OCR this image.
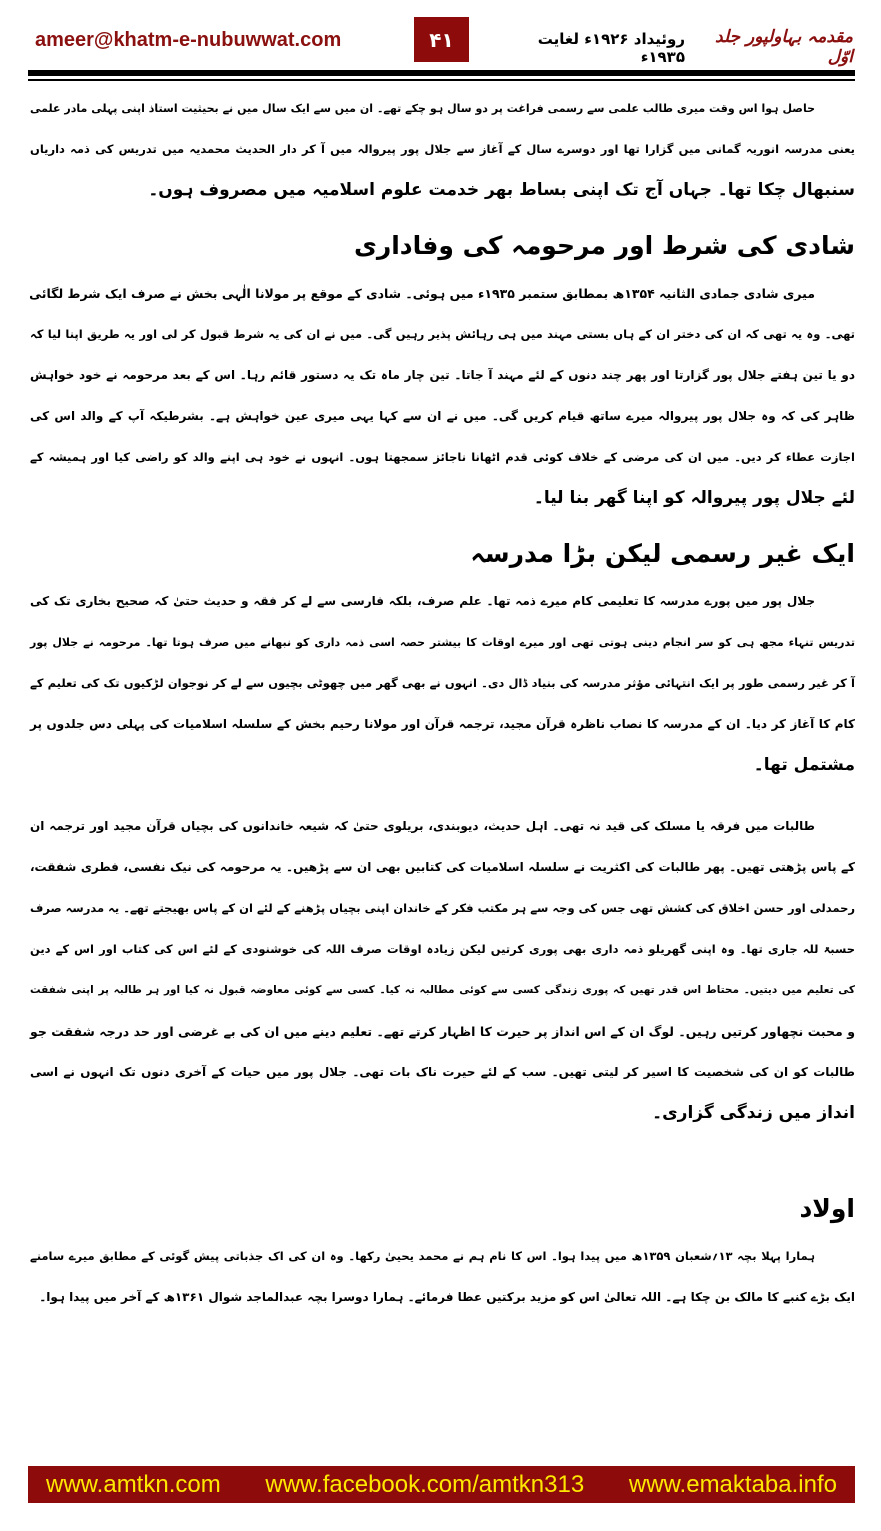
ameer@khatm-e-nubuwwat.com	۴۱	روئیداد ۱۹۲۶ء لغایت ۱۹۳۵ء
مقدمہ بہاولپور جلد اوّل
حاصل ہوا اس وقت میری طالب علمی سے رسمی فراغت پر دو سال ہو چکے تھے۔ ان میں سے ایک سال میں نے بحیثیت استاذ اپنی پہلی مادر علمی
یعنی مدرسہ انوریہ گمانی میں گزارا تھا اور دوسرے سال کے آغاز سے جلال پور پیروالہ میں آ کر دار الحدیث محمدیہ میں تدریس کی ذمہ داریاں
سنبھال چکا تھا۔ جہاں آج تک اپنی بساط بھر خدمت علوم اسلامیہ میں مصروف ہوں۔
شادی کی شرط اور مرحومہ کی وفاداری
میری شادی جمادی الثانیہ ۱۳۵۴ھ بمطابق ستمبر ۱۹۳۵ء میں ہوئی۔ شادی کے موقع پر مولانا الٰہی بخش نے صرف ایک شرط لگائی
تھی۔ وہ یہ تھی کہ ان کی دختر ان کے ہاں بستی مہند میں ہی رہائش پذیر رہیں گی۔ میں نے ان کی یہ شرط قبول کر لی اور یہ طریق اپنا لیا کہ
دو یا تین ہفتے جلال پور گزارتا اور پھر چند دنوں کے لئے مہند آ جاتا۔ تین چار ماہ تک یہ دستور قائم رہا۔ اس کے بعد مرحومہ نے خود خواہش
ظاہر کی کہ وہ جلال پور پیروالہ میرے ساتھ قیام کریں گی۔ میں نے ان سے کہا یہی میری عین خواہش ہے۔ بشرطیکہ آپ کے والد اس کی
اجازت عطاء کر دیں۔ میں ان کی مرضی کے خلاف کوئی قدم اٹھانا ناجائز سمجھتا ہوں۔ انہوں نے خود ہی اپنے والد کو راضی کیا اور ہمیشہ کے
لئے جلال پور پیروالہ کو اپنا گھر بنا لیا۔
ایک غیر رسمی لیکن بڑا مدرسہ
جلال پور میں پورے مدرسہ کا تعلیمی کام میرے ذمہ تھا۔ علم صرف، بلکہ فارسی سے لے کر فقہ و حدیث حتیٰ کہ صحیح بخاری تک کی
تدریس تنہاء مجھ ہی کو سر انجام دینی ہوتی تھی اور میرے اوقات کا بیشتر حصہ اسی ذمہ داری کو نبھانے میں صرف ہوتا تھا۔ مرحومہ نے جلال پور
آ کر غیر رسمی طور پر ایک انتہائی مؤثر مدرسہ کی بنیاد ڈال دی۔ انہوں نے بھی گھر میں چھوٹی بچیوں سے لے کر نوجوان لڑکیوں تک کی تعلیم کے
کام کا آغاز کر دیا۔ ان کے مدرسہ کا نصاب ناظرہ قرآن مجید، ترجمہ قرآن اور مولانا رحیم بخش کے سلسلہ اسلامیات کی پہلی دس جلدوں پر
مشتمل تھا۔
طالبات میں فرقہ یا مسلک کی قید نہ تھی۔ اہل حدیث، دیوبندی، بریلوی حتیٰ کہ شیعہ خاندانوں کی بچیاں قرآن مجید اور ترجمہ ان
کے پاس پڑھتی تھیں۔ پھر طالبات کی اکثریت نے سلسلہ اسلامیات کی کتابیں بھی ان سے پڑھیں۔ یہ مرحومہ کی نیک نفسی، فطری شفقت،
رحمدلی اور حسن اخلاق کی کشش تھی جس کی وجہ سے ہر مکتب فکر کے خاندان اپنی بچیاں پڑھنے کے لئے ان کے پاس بھیجتے تھے۔ یہ مدرسہ صرف
حسبۃ للہ جاری تھا۔ وہ اپنی گھریلو ذمہ داری بھی پوری کرتیں لیکن زیادہ اوقات صرف اللہ کی خوشنودی کے لئے اس کی کتاب اور اس کے دین
کی تعلیم میں دیتیں۔ محتاط اس قدر تھیں کہ پوری زندگی کسی سے کوئی مطالبہ نہ کیا۔ کسی سے کوئی معاوضہ قبول نہ کیا اور ہر طالبہ پر اپنی شفقت
و محبت نچھاور کرتیں رہیں۔ لوگ ان کے اس انداز پر حیرت کا اظہار کرتے تھے۔ تعلیم دینے میں ان کی بے غرضی اور حد درجہ شفقت جو
طالبات کو ان کی شخصیت کا اسیر کر لیتی تھیں۔ سب کے لئے حیرت ناک بات تھی۔ جلال پور میں حیات کے آخری دنوں تک انہوں نے اسی
انداز میں زندگی گزاری۔
اولاد
ہمارا پہلا بچہ ۱۳؍شعبان ۱۳۵۹ھ میں پیدا ہوا۔ اس کا نام ہم نے محمد یحییٰ رکھا۔ وہ ان کی اک جذباتی پیش گوئی کے مطابق میرے سامنے
ایک بڑے کنبے کا مالک بن چکا ہے۔ اللہ تعالیٰ اس کو مزید برکتیں عطا فرمائے۔ ہمارا دوسرا بچہ عبدالماجد شوال ۱۳۶۱ھ کے آخر میں پیدا ہوا۔
www.amtkn.com www.facebook.com/amtkn313 www.emaktaba.info
